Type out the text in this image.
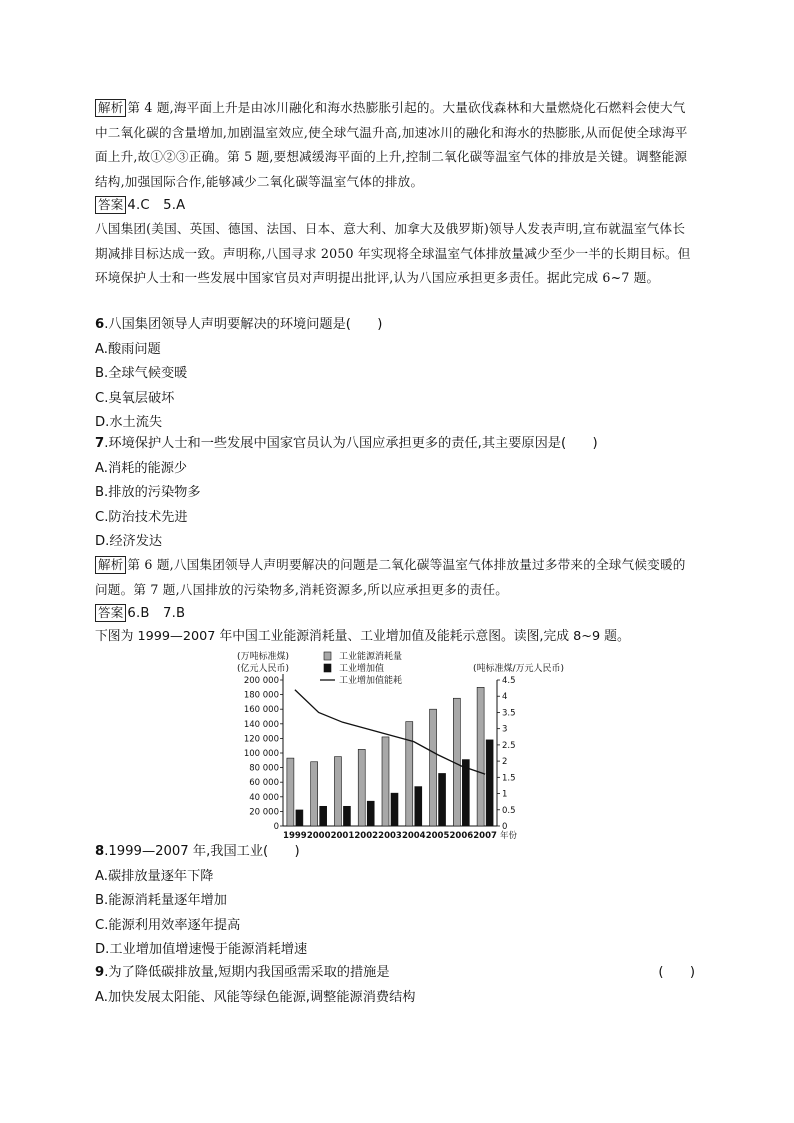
解析 第 4 题,海平面上升是由冰川融化和海水热膨胀引起的。大量砍伐森林和大量燃烧化石燃料会使大气中二氧化碳的含量增加,加剧温室效应,使全球气温升高,加速冰川的融化和海水的热膨胀,从而促使全球海平面上升,故①②③正确。第 5 题,要想减缓海平面的上升,控制二氧化碳等温室气体的排放是关键。调整能源结构,加强国际合作,能够减少二氧化碳等温室气体的排放。

答案 4.C　5.A

八国集团(美国、英国、德国、法国、日本、意大利、加拿大及俄罗斯)领导人发表声明,宣布就温室气体长期减排目标达成一致。声明称,八国寻求 2050 年实现将全球温室气体排放量减少至少一半的长期目标。但环境保护人士和一些发展中国家官员对声明提出批评,认为八国应承担更多责任。据此完成 6~7 题。

6.八国集团领导人声明要解决的环境问题是(　　)

A.酸雨问题

B.全球气候变暖

C.臭氧层破坏

D.水土流失

7.环境保护人士和一些发展中国家官员认为八国应承担更多的责任,其主要原因是(　　)

A.消耗的能源少

B.排放的污染物多

C.防治技术先进

D.经济发达

解析 第 6 题,八国集团领导人声明要解决的问题是二氧化碳等温室气体排放量过多带来的全球气候变暖的问题。第 7 题,八国排放的污染物多,消耗资源多,所以应承担更多的责任。

答案 6.B　7.B

下图为 1999—2007 年中国工业能源消耗量、工业增加值及能耗示意图。读图,完成 8~9 题。

0
20 000
40 000
60 000
80 000
100 000
120 000
140 000
160 000
180 000
200 000
0
0.5
1
1.5
2
2.5
3
3.5
4
4.5
(万吨标准煤)
(亿元人民币)	(吨标准煤/万元人民币)
1999 2000 2001 2002 2003 2004 2005 2006 2007 年份
工业能源消耗量
工业增加值
工业增加值能耗

8.1999—2007 年,我国工业(　　)

A.碳排放量逐年下降

B.能源消耗量逐年增加

C.能源利用效率逐年提高

D.工业增加值增速慢于能源消耗增速

9.为了降低碳排放量,短期内我国亟需采取的措施是	(　　)

A.加快发展太阳能、风能等绿色能源,调整能源消费结构
